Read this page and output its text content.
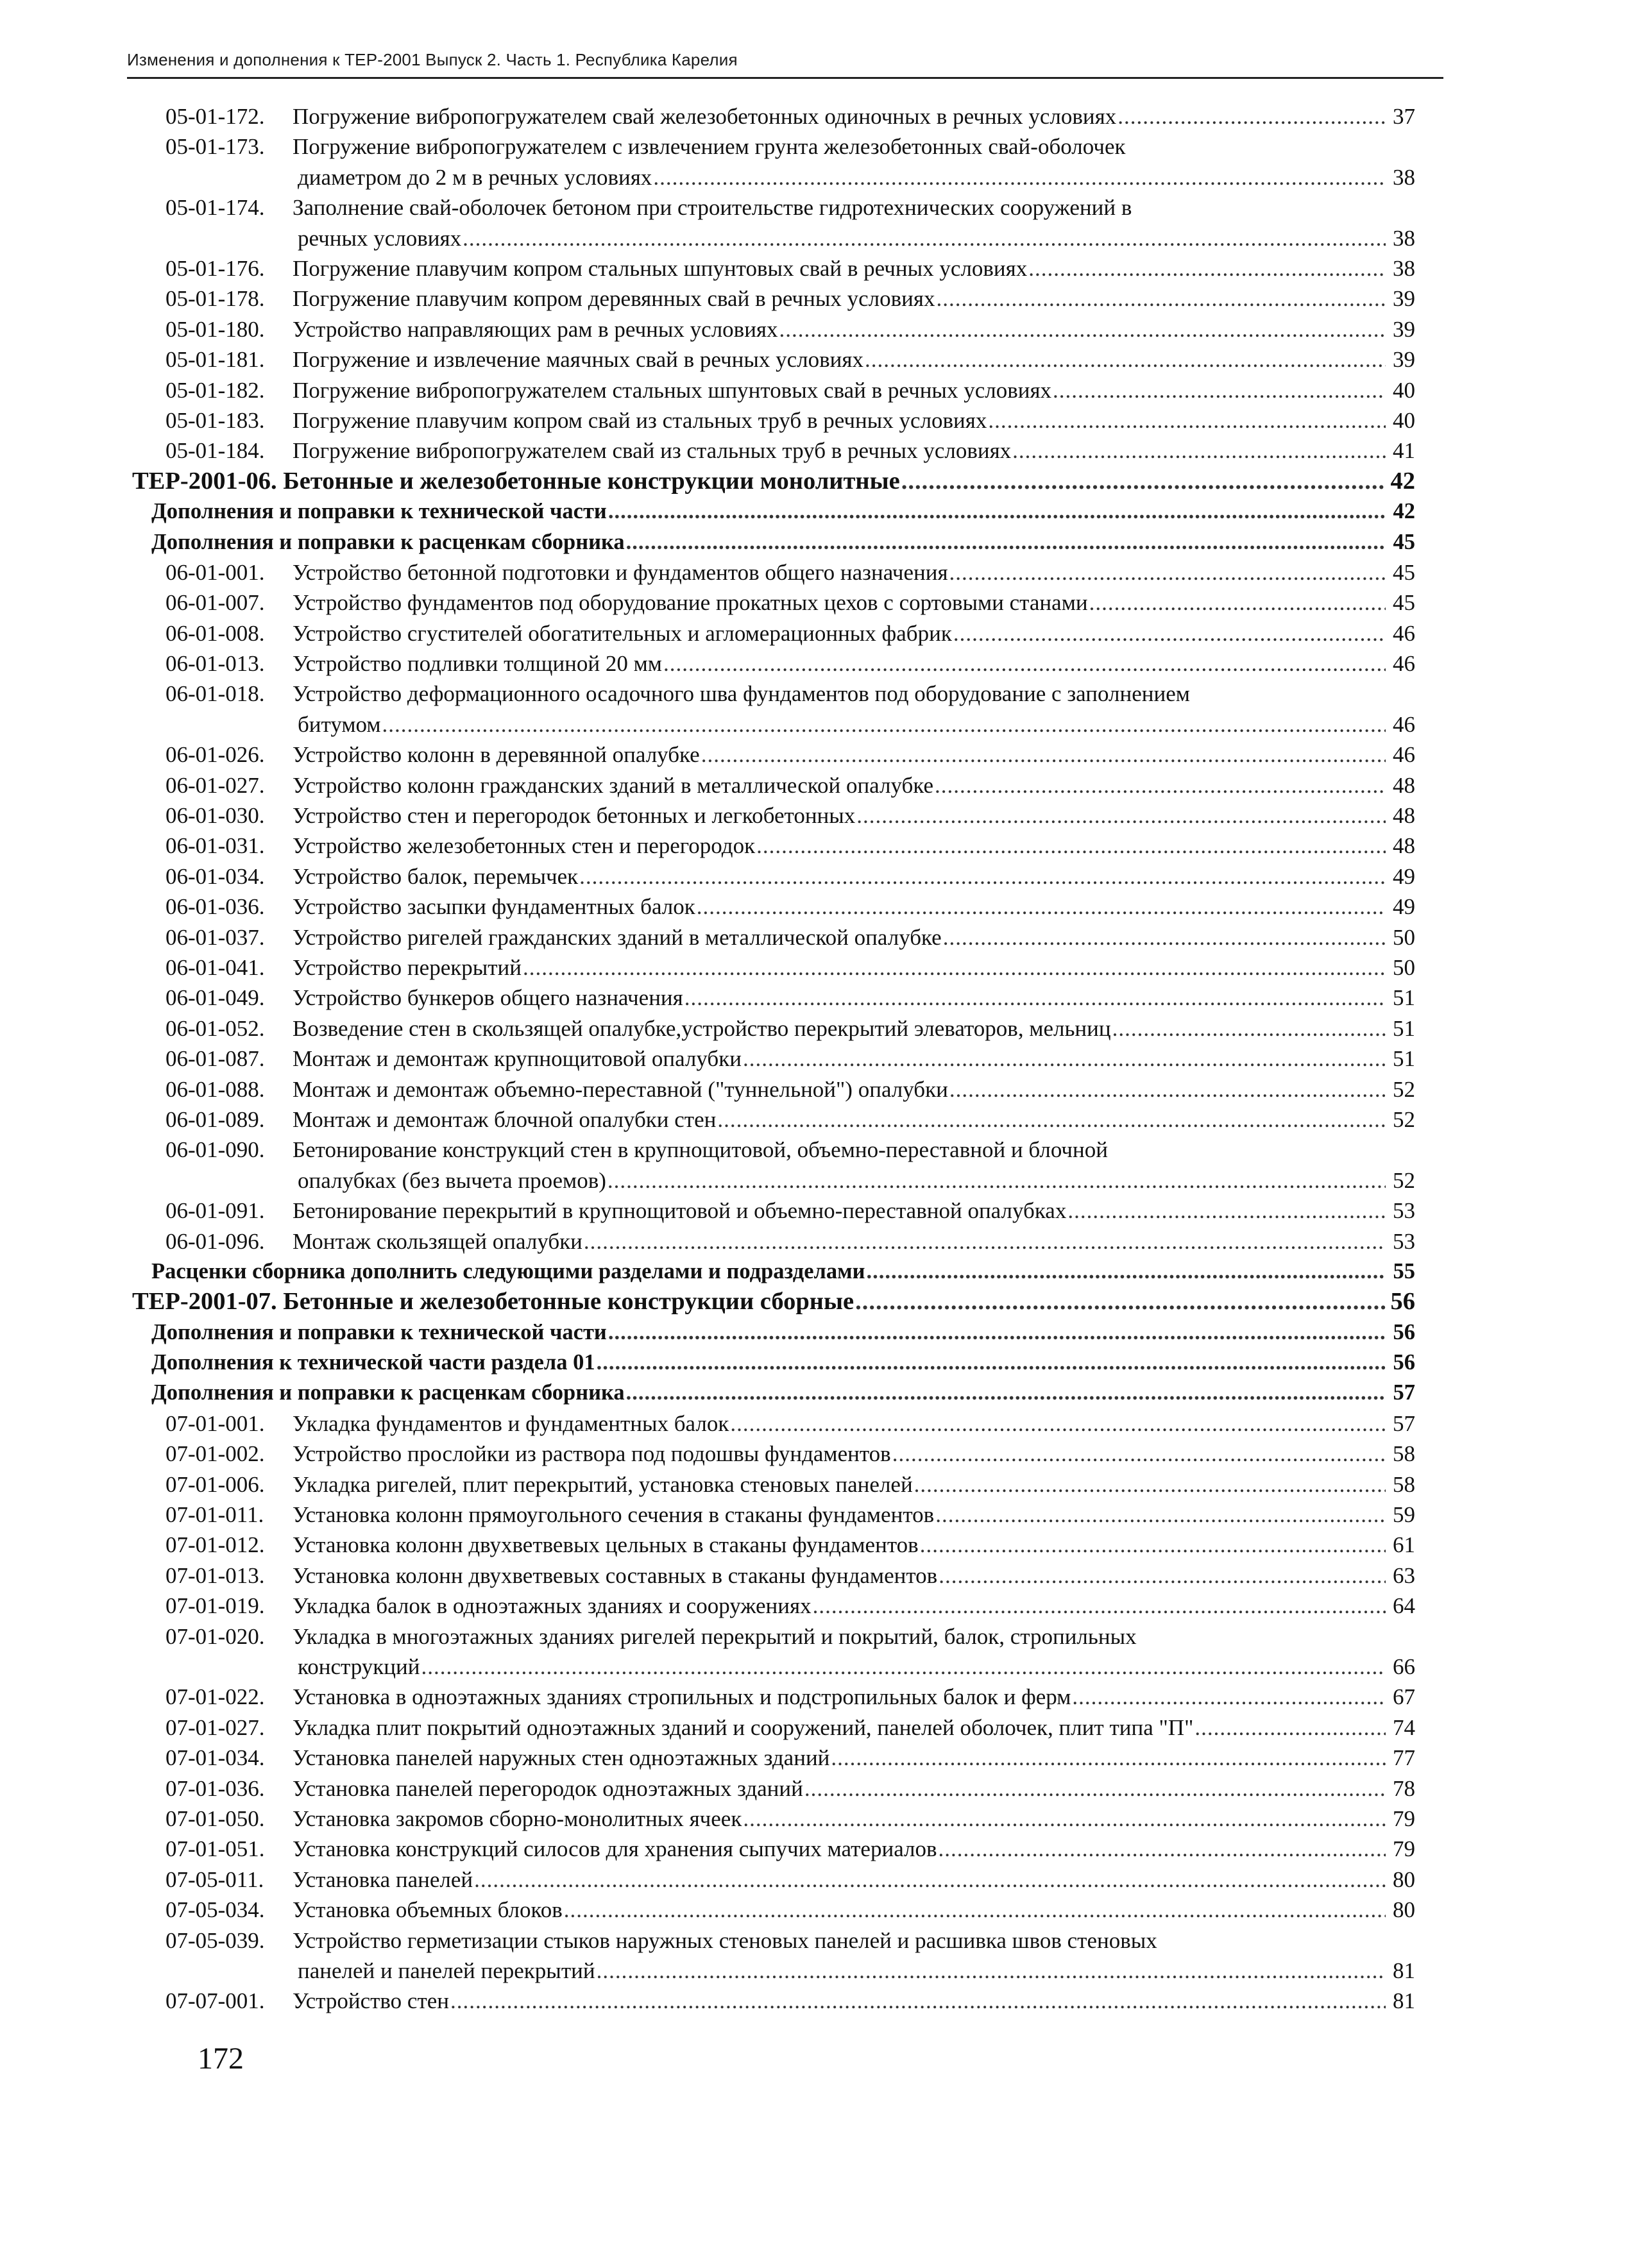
Изменения и дополнения к ТЕР-2001 Выпуск 2. Часть 1. Республика Карелия
05-01-172.	Погружение вибропогружателем свай железобетонных одиночных в речных условиях .....	37
05-01-173.	Погружение вибропогружателем с извлечением грунта железобетонных свай-оболочек
диаметром до 2 м в речных условиях .....	38
05-01-174.	Заполнение свай-оболочек бетоном при строительстве гидротехнических сооружений в
речных условиях .....	38
05-01-176.	Погружение плавучим копром стальных шпунтовых свай в речных условиях .....	38
05-01-178.	Погружение плавучим копром деревянных свай в речных условиях .....	39
05-01-180.	Устройство направляющих рам в речных условиях .....	39
05-01-181.	Погружение и извлечение маячных свай в речных условиях .....	39
05-01-182.	Погружение вибропогружателем стальных шпунтовых свай в речных условиях .....	40
05-01-183.	Погружение плавучим копром свай из стальных труб в речных условиях .....	40
05-01-184.	Погружение вибропогружателем свай из стальных труб в речных условиях .....	41
ТЕР-2001-06. Бетонные и железобетонные конструкции монолитные .....	42
Дополнения и поправки к технической части .....	42
Дополнения и поправки к расценкам сборника .....	45
06-01-001.	Устройство бетонной подготовки и фундаментов общего назначения .....	45
06-01-007.	Устройство фундаментов под оборудование прокатных цехов с сортовыми станами .....	45
06-01-008.	Устройство сгустителей обогатительных и агломерационных фабрик .....	46
06-01-013.	Устройство подливки толщиной 20 мм .....	46
06-01-018.	Устройство деформационного осадочного шва фундаментов под оборудование с заполнением
битумом .....	46
06-01-026.	Устройство колонн в деревянной опалубке .....	46
06-01-027.	Устройство колонн гражданских зданий в металлической опалубке .....	48
06-01-030.	Устройство стен и перегородок бетонных и легкобетонных .....	48
06-01-031.	Устройство железобетонных стен и перегородок .....	48
06-01-034.	Устройство балок, перемычек .....	49
06-01-036.	Устройство засыпки фундаментных балок .....	49
06-01-037.	Устройство ригелей гражданских зданий в металлической опалубке .....	50
06-01-041.	Устройство перекрытий .....	50
06-01-049.	Устройство бункеров общего назначения .....	51
06-01-052.	Возведение стен в скользящей опалубке,устройство перекрытий элеваторов, мельниц .....	51
06-01-087.	Монтаж и демонтаж крупнощитовой опалубки .....	51
06-01-088.	Монтаж и демонтаж объемно-переставной ("туннельной") опалубки .....	52
06-01-089.	Монтаж и демонтаж блочной опалубки стен .....	52
06-01-090.	Бетонирование конструкций стен в крупнощитовой, объемно-переставной и блочной
опалубках (без вычета проемов) .....	52
06-01-091.	Бетонирование перекрытий в крупнощитовой и объемно-переставной опалубках .....	53
06-01-096.	Монтаж скользящей опалубки .....	53
Расценки сборника дополнить следующими разделами и подразделами .....	55
ТЕР-2001-07. Бетонные и железобетонные конструкции сборные .....	56
Дополнения и поправки к технической части .....	56
Дополнения к технической части раздела 01 .....	56
Дополнения и поправки к расценкам сборника .....	57
07-01-001.	Укладка фундаментов и фундаментных балок .....	57
07-01-002.	Устройство прослойки из раствора под подошвы фундаментов .....	58
07-01-006.	Укладка ригелей, плит перекрытий, установка стеновых панелей .....	58
07-01-011.	Установка колонн прямоугольного сечения в стаканы фундаментов .....	59
07-01-012.	Установка колонн двухветвевых цельных в стаканы фундаментов .....	61
07-01-013.	Установка колонн двухветвевых составных в стаканы фундаментов .....	63
07-01-019.	Укладка балок в одноэтажных зданиях и сооружениях .....	64
07-01-020.	Укладка в многоэтажных зданиях ригелей перекрытий и покрытий, балок, стропильных
конструкций .....	66
07-01-022.	Установка в одноэтажных зданиях стропильных и подстропильных балок и ферм .....	67
07-01-027.	Укладка плит покрытий одноэтажных зданий и сооружений, панелей оболочек, плит типа "П" .....	74
07-01-034.	Установка панелей наружных стен одноэтажных зданий .....	77
07-01-036.	Установка панелей перегородок одноэтажных зданий .....	78
07-01-050.	Установка закромов сборно-монолитных ячеек .....	79
07-01-051.	Установка конструкций силосов для хранения сыпучих материалов .....	79
07-05-011.	Установка панелей .....	80
07-05-034.	Установка объемных блоков .....	80
07-05-039.	Устройство герметизации стыков наружных стеновых панелей и расшивка швов стеновых
панелей и панелей перекрытий .....	81
07-07-001.	Устройство стен .....	81
172
